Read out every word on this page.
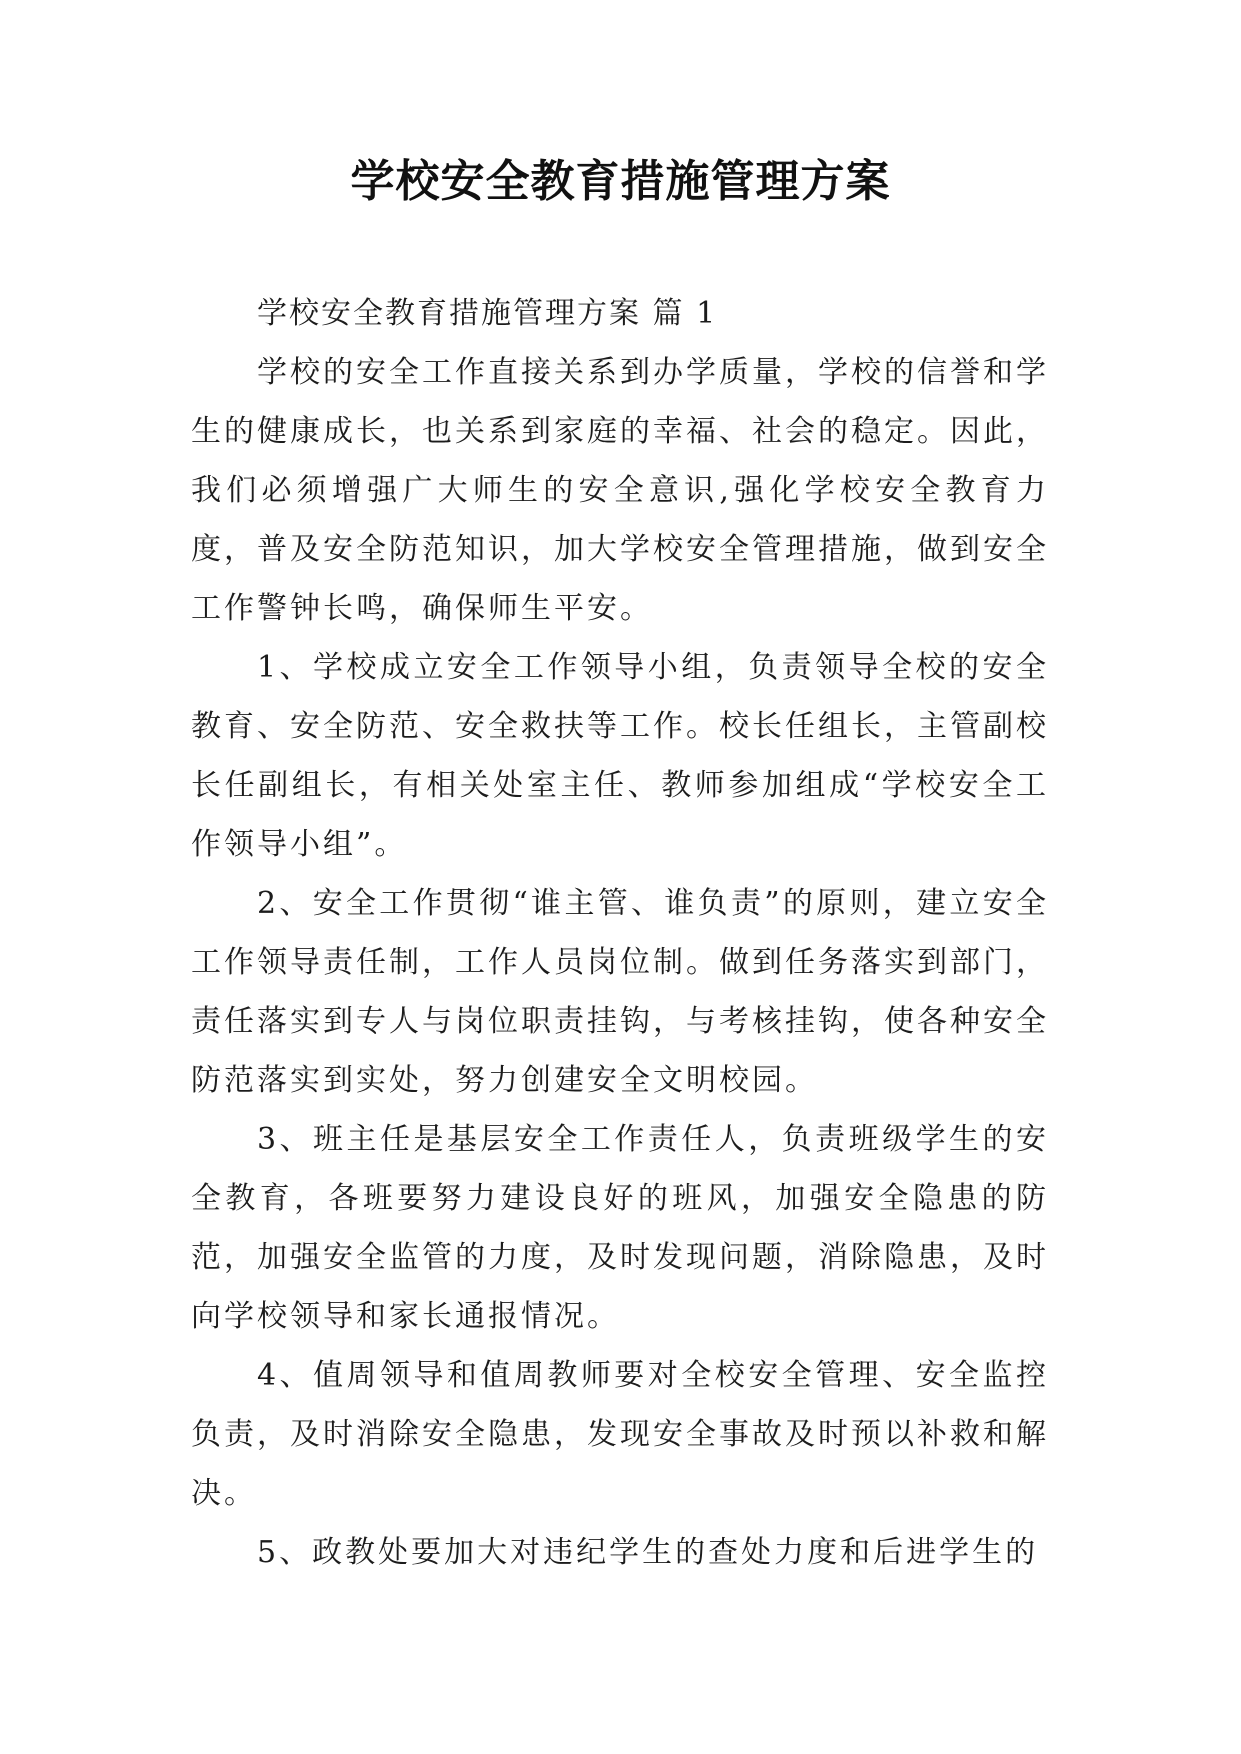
学校安全教育措施管理方案

学校安全教育措施管理方案 篇 1

学校的安全工作直接关系到办学质量，学校的信誉和学生的健康成长，也关系到家庭的幸福、社会的稳定。因此，我们必须增强广大师生的安全意识,强化学校安全教育力度，普及安全防范知识，加大学校安全管理措施，做到安全工作警钟长鸣，确保师生平安。

1、学校成立安全工作领导小组，负责领导全校的安全教育、安全防范、安全救扶等工作。校长任组长，主管副校长任副组长，有相关处室主任、教师参加组成“学校安全工作领导小组”。

2、安全工作贯彻“谁主管、谁负责”的原则，建立安全工作领导责任制，工作人员岗位制。做到任务落实到部门，责任落实到专人与岗位职责挂钩，与考核挂钩，使各种安全防范落实到实处，努力创建安全文明校园。

3、班主任是基层安全工作责任人，负责班级学生的安全教育，各班要努力建设良好的班风，加强安全隐患的防范，加强安全监管的力度，及时发现问题，消除隐患，及时向学校领导和家长通报情况。

4、值周领导和值周教师要对全校安全管理、安全监控负责，及时消除安全隐患，发现安全事故及时预以补救和解决。

5、政教处要加大对违纪学生的查处力度和后进学生的
